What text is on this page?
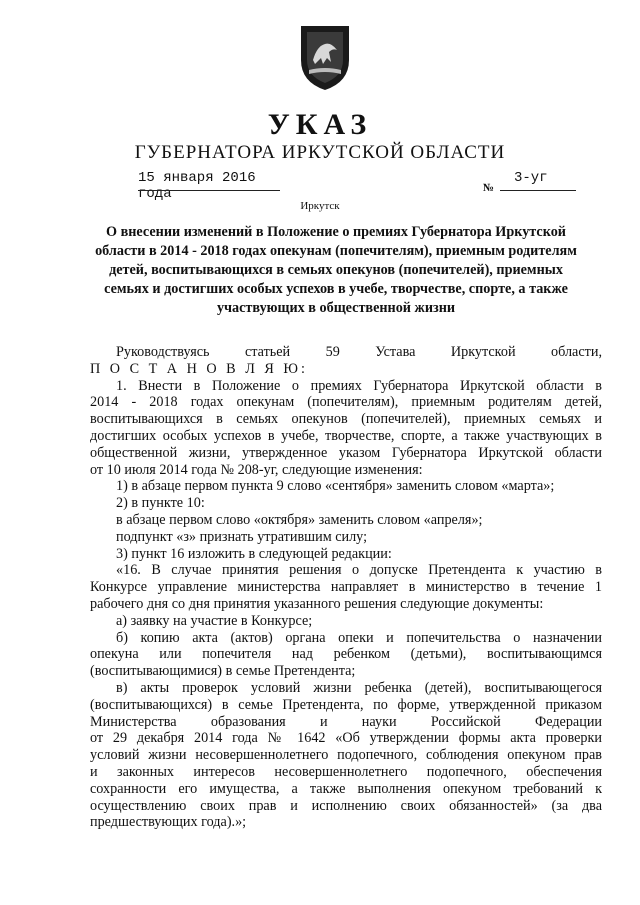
УКАЗ
ГУБЕРНАТОРА ИРКУТСКОЙ ОБЛАСТИ
15 января 2016 года	№
3-уг
Иркутск
О внесении изменений в Положение о премиях Губернатора Иркутской
области в 2014 - 2018 годах опекунам (попечителям), приемным родителям
детей, воспитывающихся в семьях опекунов (попечителей), приемных
семьях и достигших особых успехов в учебе, творчестве, спорте, а также
участвующих в общественной жизни
Руководствуясь статьей 59 Устава Иркутской области,
П О С Т А Н О В Л Я Ю:
1. Внести в Положение о премиях Губернатора Иркутской области в
2014 - 2018 годах опекунам (попечителям), приемным родителям детей,
воспитывающихся в семьях опекунов (попечителей), приемных семьях и
достигших особых успехов в учебе, творчестве, спорте, а также участвующих в
общественной жизни, утвержденное указом Губернатора Иркутской области
от 10 июля 2014 года № 208-уг, следующие изменения:
1) в абзаце первом пункта 9 слово «сентября» заменить словом «марта»;
2) в пункте 10:
в абзаце первом слово «октября» заменить словом «апреля»;
подпункт «з» признать утратившим силу;
3) пункт 16 изложить в следующей редакции:
«16. В случае принятия решения о допуске Претендента к участию в
Конкурсе управление министерства направляет в министерство в течение 1
рабочего дня со дня принятия указанного решения следующие документы:
а) заявку на участие в Конкурсе;
б) копию акта (актов) органа опеки и попечительства о назначении
опекуна или попечителя над ребенком (детьми), воспитывающимся
(воспитывающимися) в семье Претендента;
в) акты проверок условий жизни ребенка (детей), воспитывающегося
(воспитывающихся) в семье Претендента, по форме, утвержденной приказом
Министерства образования и науки Российской Федерации
от 29 декабря 2014 года № 1642 «Об утверждении формы акта проверки
условий жизни несовершеннолетнего подопечного, соблюдения опекуном прав
и законных интересов несовершеннолетнего подопечного, обеспечения
сохранности его имущества, а также выполнения опекуном требований к
осуществлению своих прав и исполнению своих обязанностей» (за два
предшествующих года).»;
